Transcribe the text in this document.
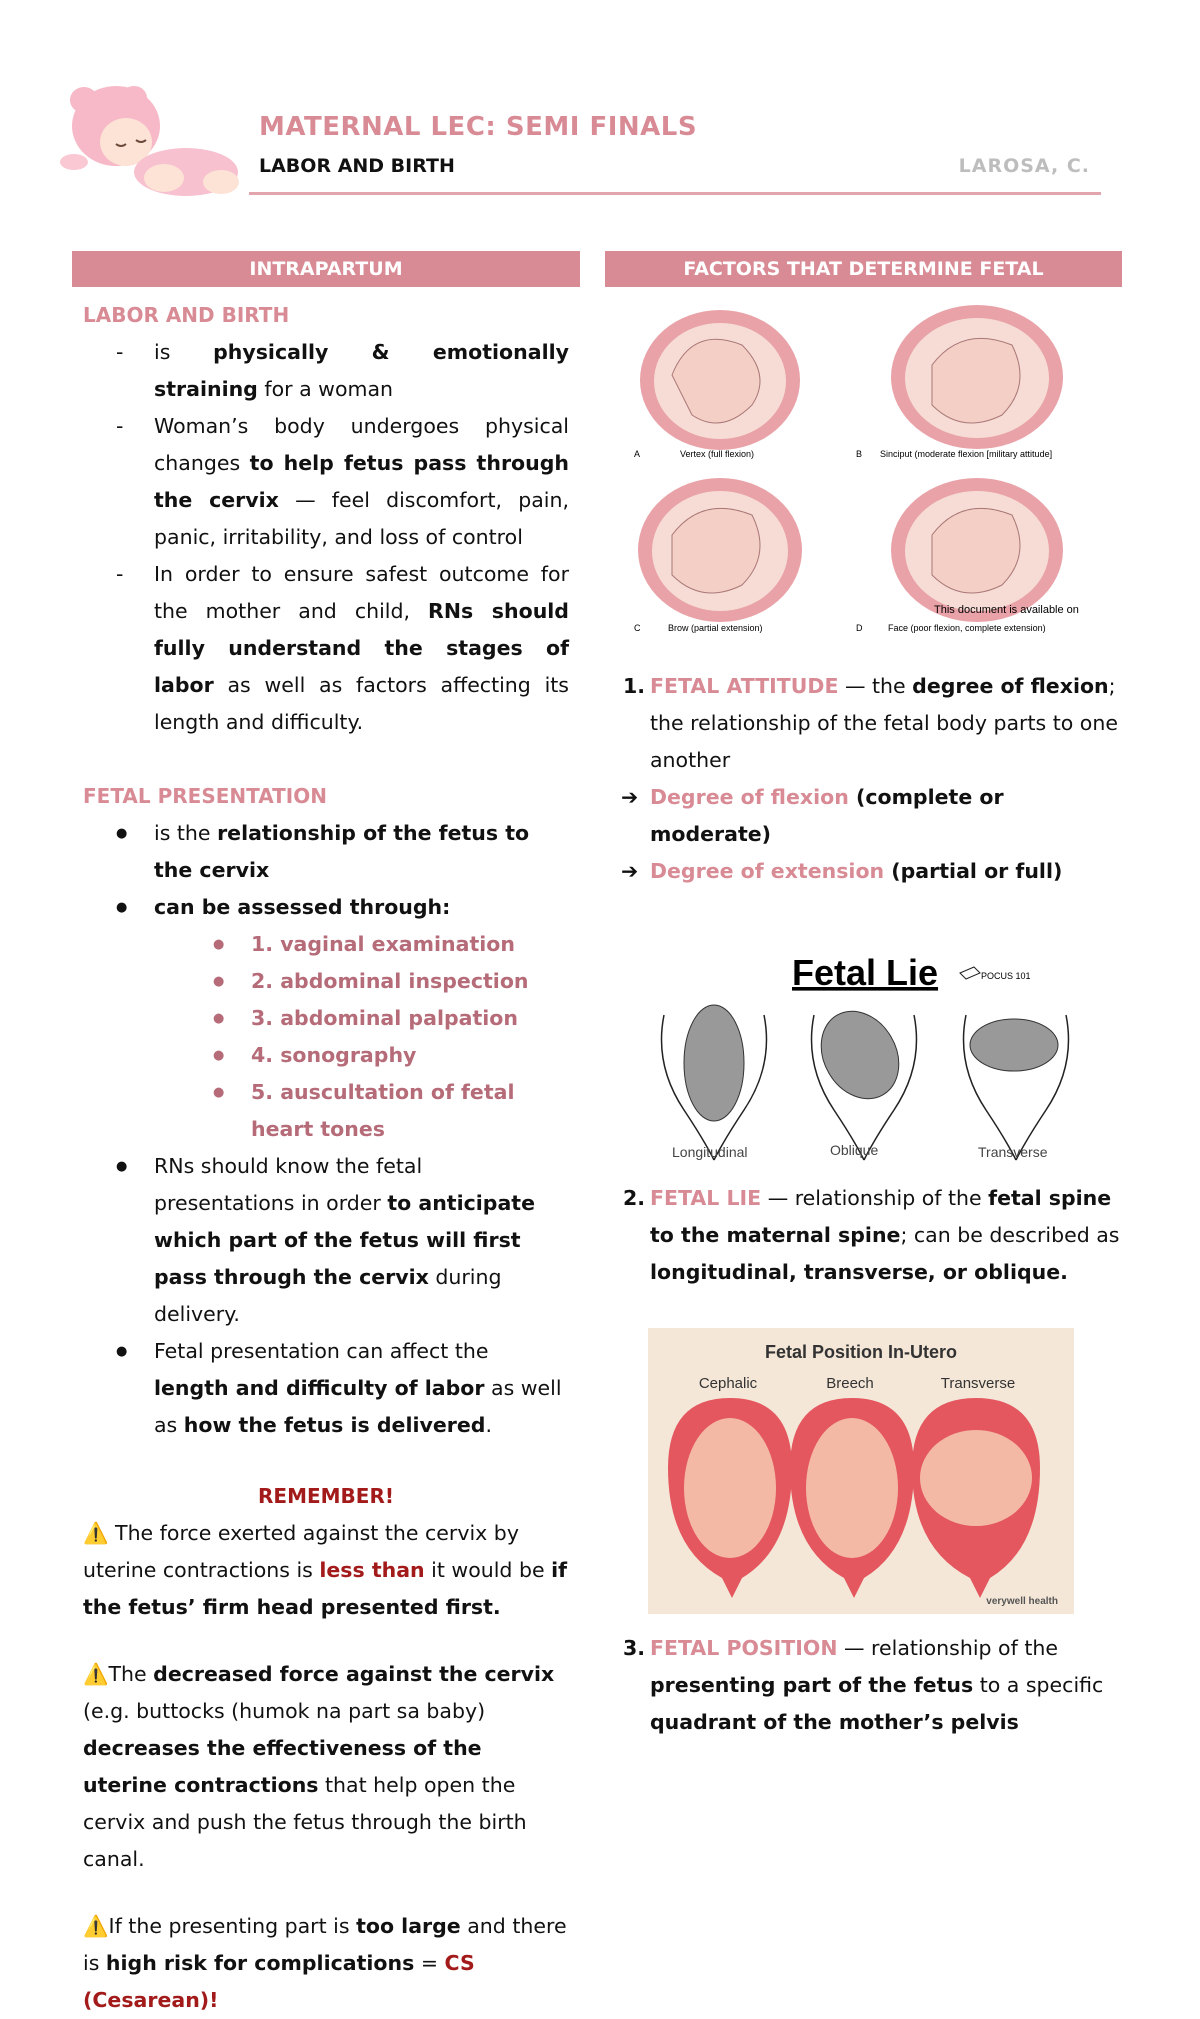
MATERNAL LEC: SEMI FINALS
LABOR AND BIRTH	LAROSA, C.
INTRAPARTUM
LABOR AND BIRTH
- is physically & emotionally straining for a woman
- Woman’s body undergoes physical changes to help fetus pass through the cervix — feel discomfort, pain, panic, irritability, and loss of control
- In order to ensure safest outcome for the mother and child, RNs should fully understand the stages of labor as well as factors affecting its length and difficulty.
FETAL PRESENTATION
● is the relationship of the fetus to the cervix
● can be assessed through:
● 1. vaginal examination
● 2. abdominal inspection
● 3. abdominal palpation
● 4. sonography
● 5. auscultation of fetal heart tones
● RNs should know the fetal presentations in order to anticipate which part of the fetus will first pass through the cervix during delivery.
● Fetal presentation can affect the length and difficulty of labor as well as how the fetus is delivered.
REMEMBER!
⚠️ The force exerted against the cervix by uterine contractions is less than it would be if the fetus’ firm head presented first.
⚠️The decreased force against the cervix (e.g. buttocks (humok na part sa baby) decreases the effectiveness of the uterine contractions that help open the cervix and push the fetus through the birth canal.
⚠️If the presenting part is too large and there is high risk for complications = CS (Cesarean)!
FACTORS THAT DETERMINE FETAL PRESENTATION
A	Vertex (full flexion)	B Sinciput (moderate flexion [military attitude]
C	Brow (partial extension)	D	Face (poor flexion, complete extension)
This document is available on
1. FETAL ATTITUDE — the degree of flexion; the relationship of the fetal body parts to one another
➔ Degree of flexion (complete or moderate)
➔ Degree of extension (partial or full)
Fetal Lie	POCUS 101
Longitudinal	Oblique	Transverse
2. FETAL LIE — relationship of the fetal spine to the maternal spine; can be described as longitudinal, transverse, or oblique.
Fetal Position In-Utero
Cephalic	Breech	Transverse
verywell health
3. FETAL POSITION — relationship of the presenting part of the fetus to a specific quadrant of the mother’s pelvis
